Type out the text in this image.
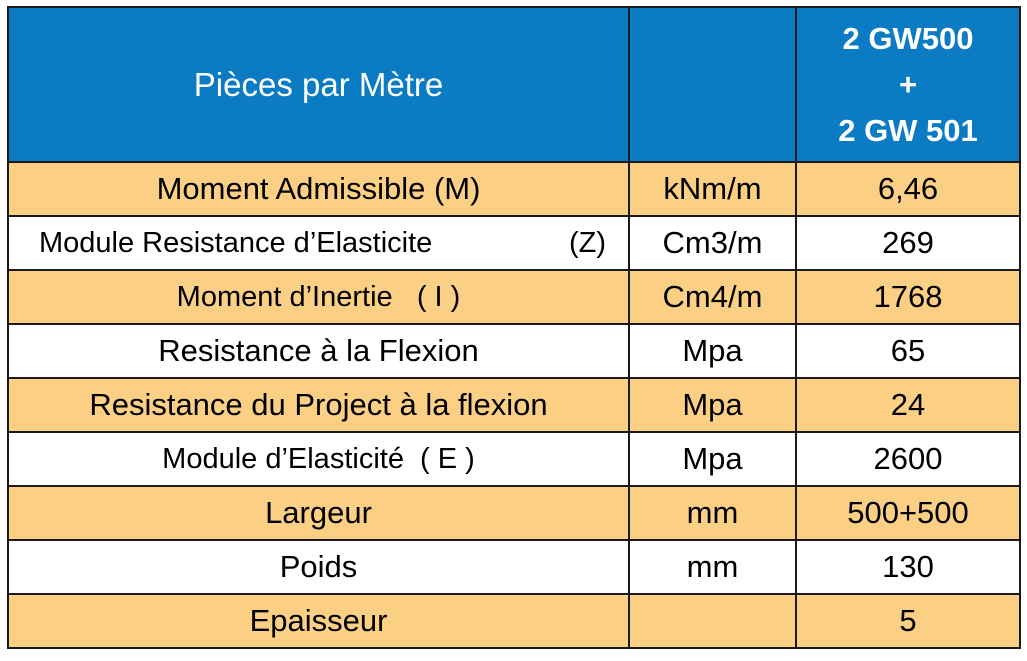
Pièces par Mètre		2 GW500
+
2 GW 501

Moment Admissible (M)	kNm/m	6,46

Module Resistance d’Elasticite (Z)	Cm3/m	269
Moment d’Inertie   ( I )	Cm4/m	1768
Resistance à la Flexion	Mpa	65
Resistance du Project à la flexion	Mpa	24
Module d’Elasticité  ( E )	Mpa	2600
Largeur	mm	500+500
Poids	mm	130
Epaisseur		5
